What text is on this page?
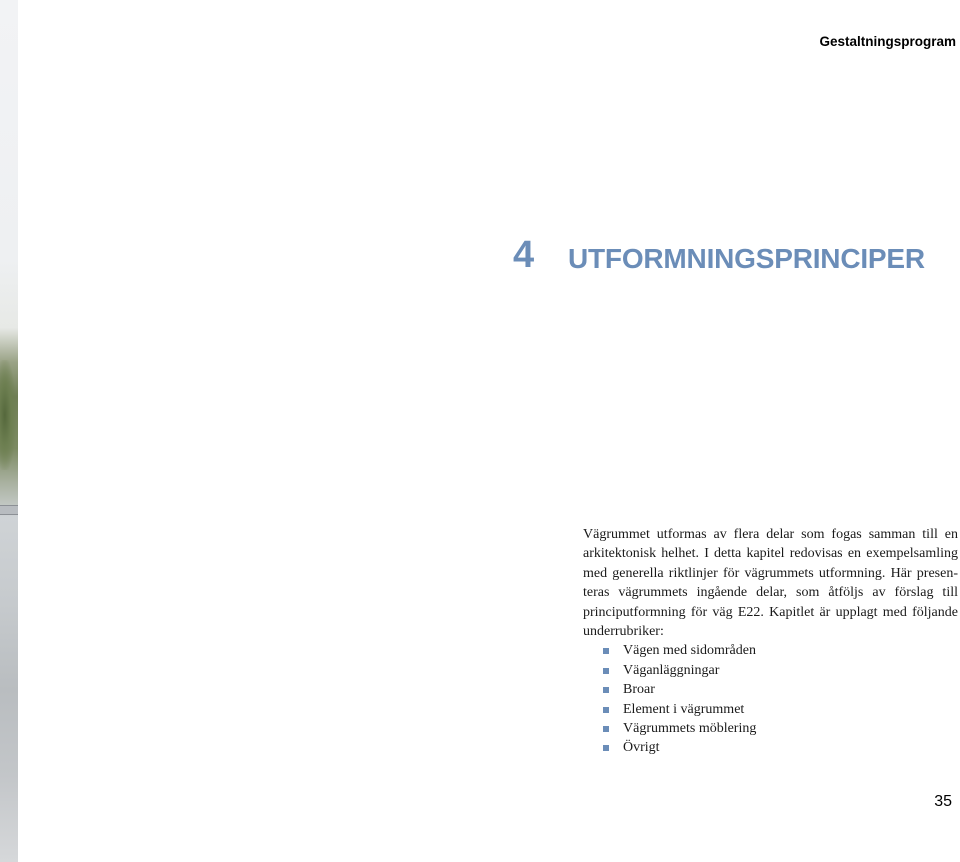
Gestaltningsprogram
4 UTFORMNINGSPRINCIPER

Vägrummet utformas av flera delar som fogas samman till en arkitektonisk helhet. I detta kapitel redovisas en exempelsamling med generella riktlinjer för vägrummets utformning. Här presenteras vägrummets ingående delar, som åtföljs av förslag till principutformning för väg E22. Kapitlet är upplagt med följande underrubriker:

Vägen med sidområden
Väganläggningar
Broar
Element i vägrummet
Vägrummets möblering
Övrigt
35
